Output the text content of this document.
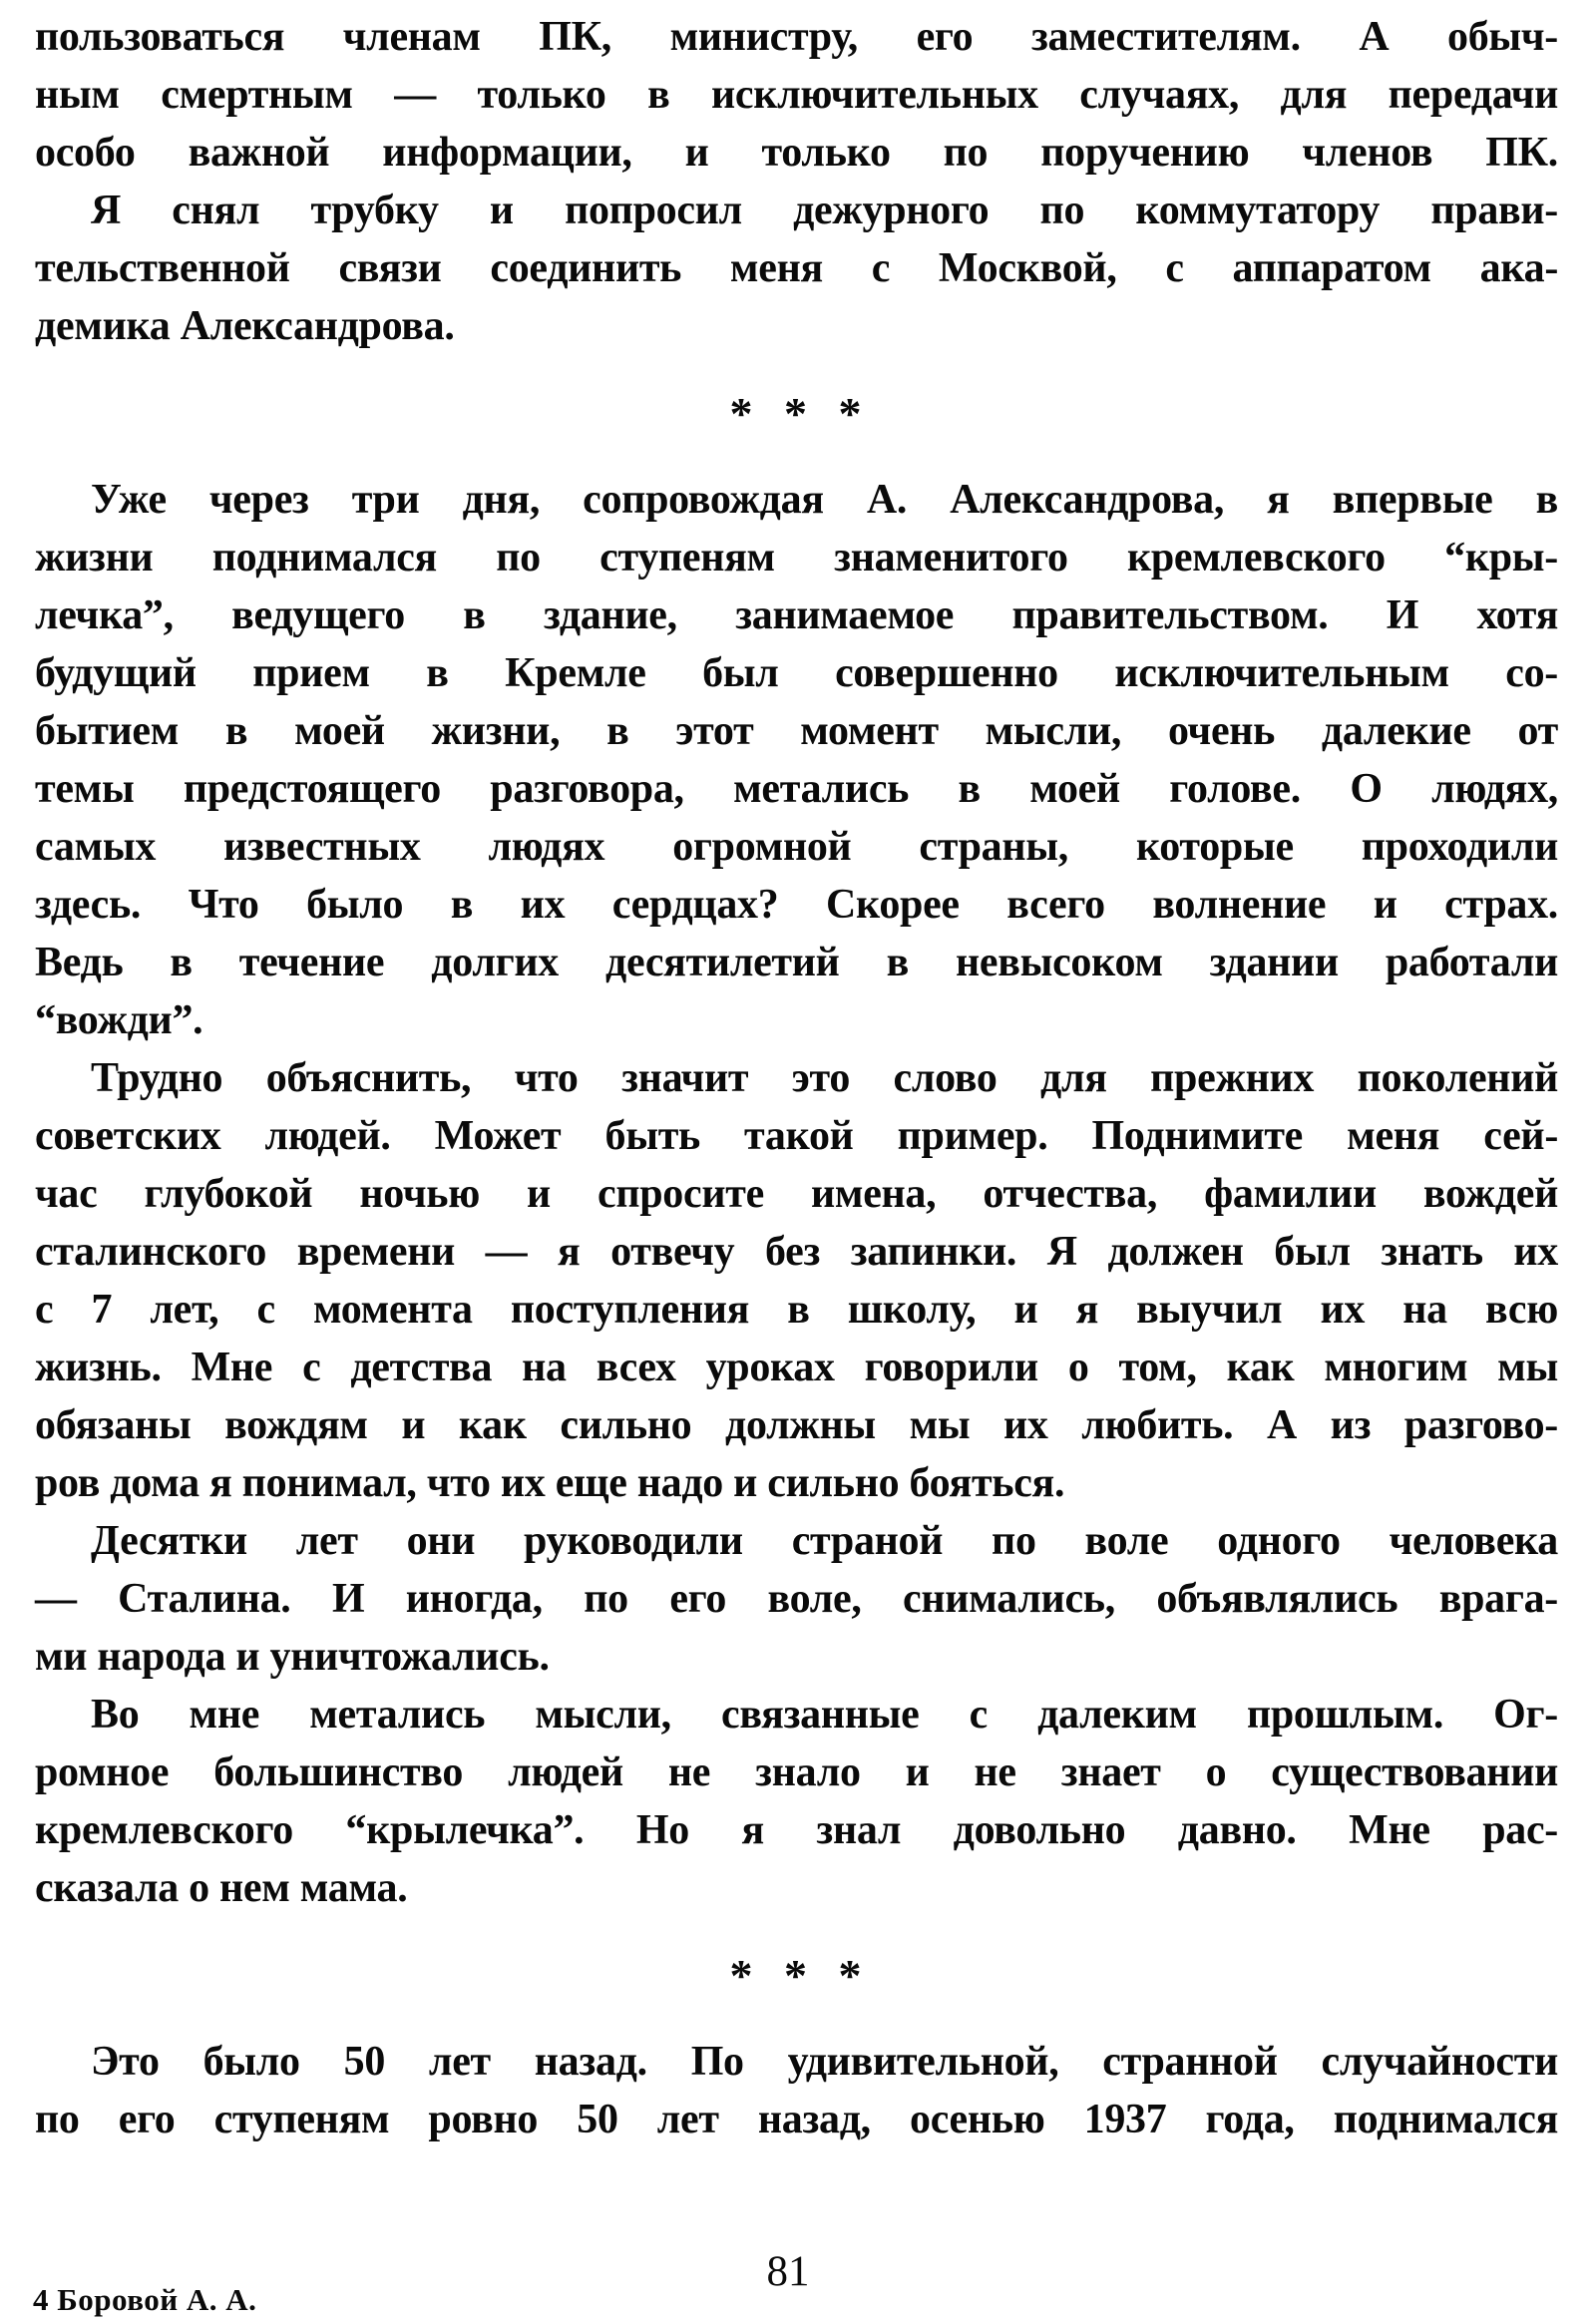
пользоваться членам ПК, министру, его заместителям. А обыч-
ным смертным — только в исключительных случаях, для передачи
особо важной информации, и только по поручению членов ПК.
Я снял трубку и попросил дежурного по коммутатору прави-
тельственной связи соединить меня с Москвой, с аппаратом ака-
демика Александрова.
* * *
Уже через три дня, сопровождая А. Александрова, я впервые в
жизни поднимался по ступеням знаменитого кремлевского “кры-
лечка”, ведущего в здание, занимаемое правительством. И хотя
будущий прием в Кремле был совершенно исключительным со-
бытием в моей жизни, в этот момент мысли, очень далекие от
темы предстоящего разговора, метались в моей голове. О людях,
самых известных людях огромной страны, которые проходили
здесь. Что было в их сердцах? Скорее всего волнение и страх.
Ведь в течение долгих десятилетий в невысоком здании работали
“вожди”.
Трудно объяснить, что значит это слово для прежних поколений
советских людей. Может быть такой пример. Поднимите меня сей-
час глубокой ночью и спросите имена, отчества, фамилии вождей
сталинского времени — я отвечу без запинки. Я должен был знать их
с 7 лет, с момента поступления в школу, и я выучил их на всю
жизнь. Мне с детства на всех уроках говорили о том, как многим мы
обязаны вождям и как сильно должны мы их любить. А из разгово-
ров дома я понимал, что их еще надо и сильно бояться.
Десятки лет они руководили страной по воле одного человека
— Сталина. И иногда, по его воле, снимались, объявлялись врага-
ми народа и уничтожались.
Во мне метались мысли, связанные с далеким прошлым. Ог-
ромное большинство людей не знало и не знает о существовании
кремлевского “крылечка”. Но я знал довольно давно. Мне рас-
сказала о нем мама.
* * *
Это было 50 лет назад. По удивительной, странной случайности
по его ступеням ровно 50 лет назад, осенью 1937 года, поднимался
81
4 Боровой А. А.
